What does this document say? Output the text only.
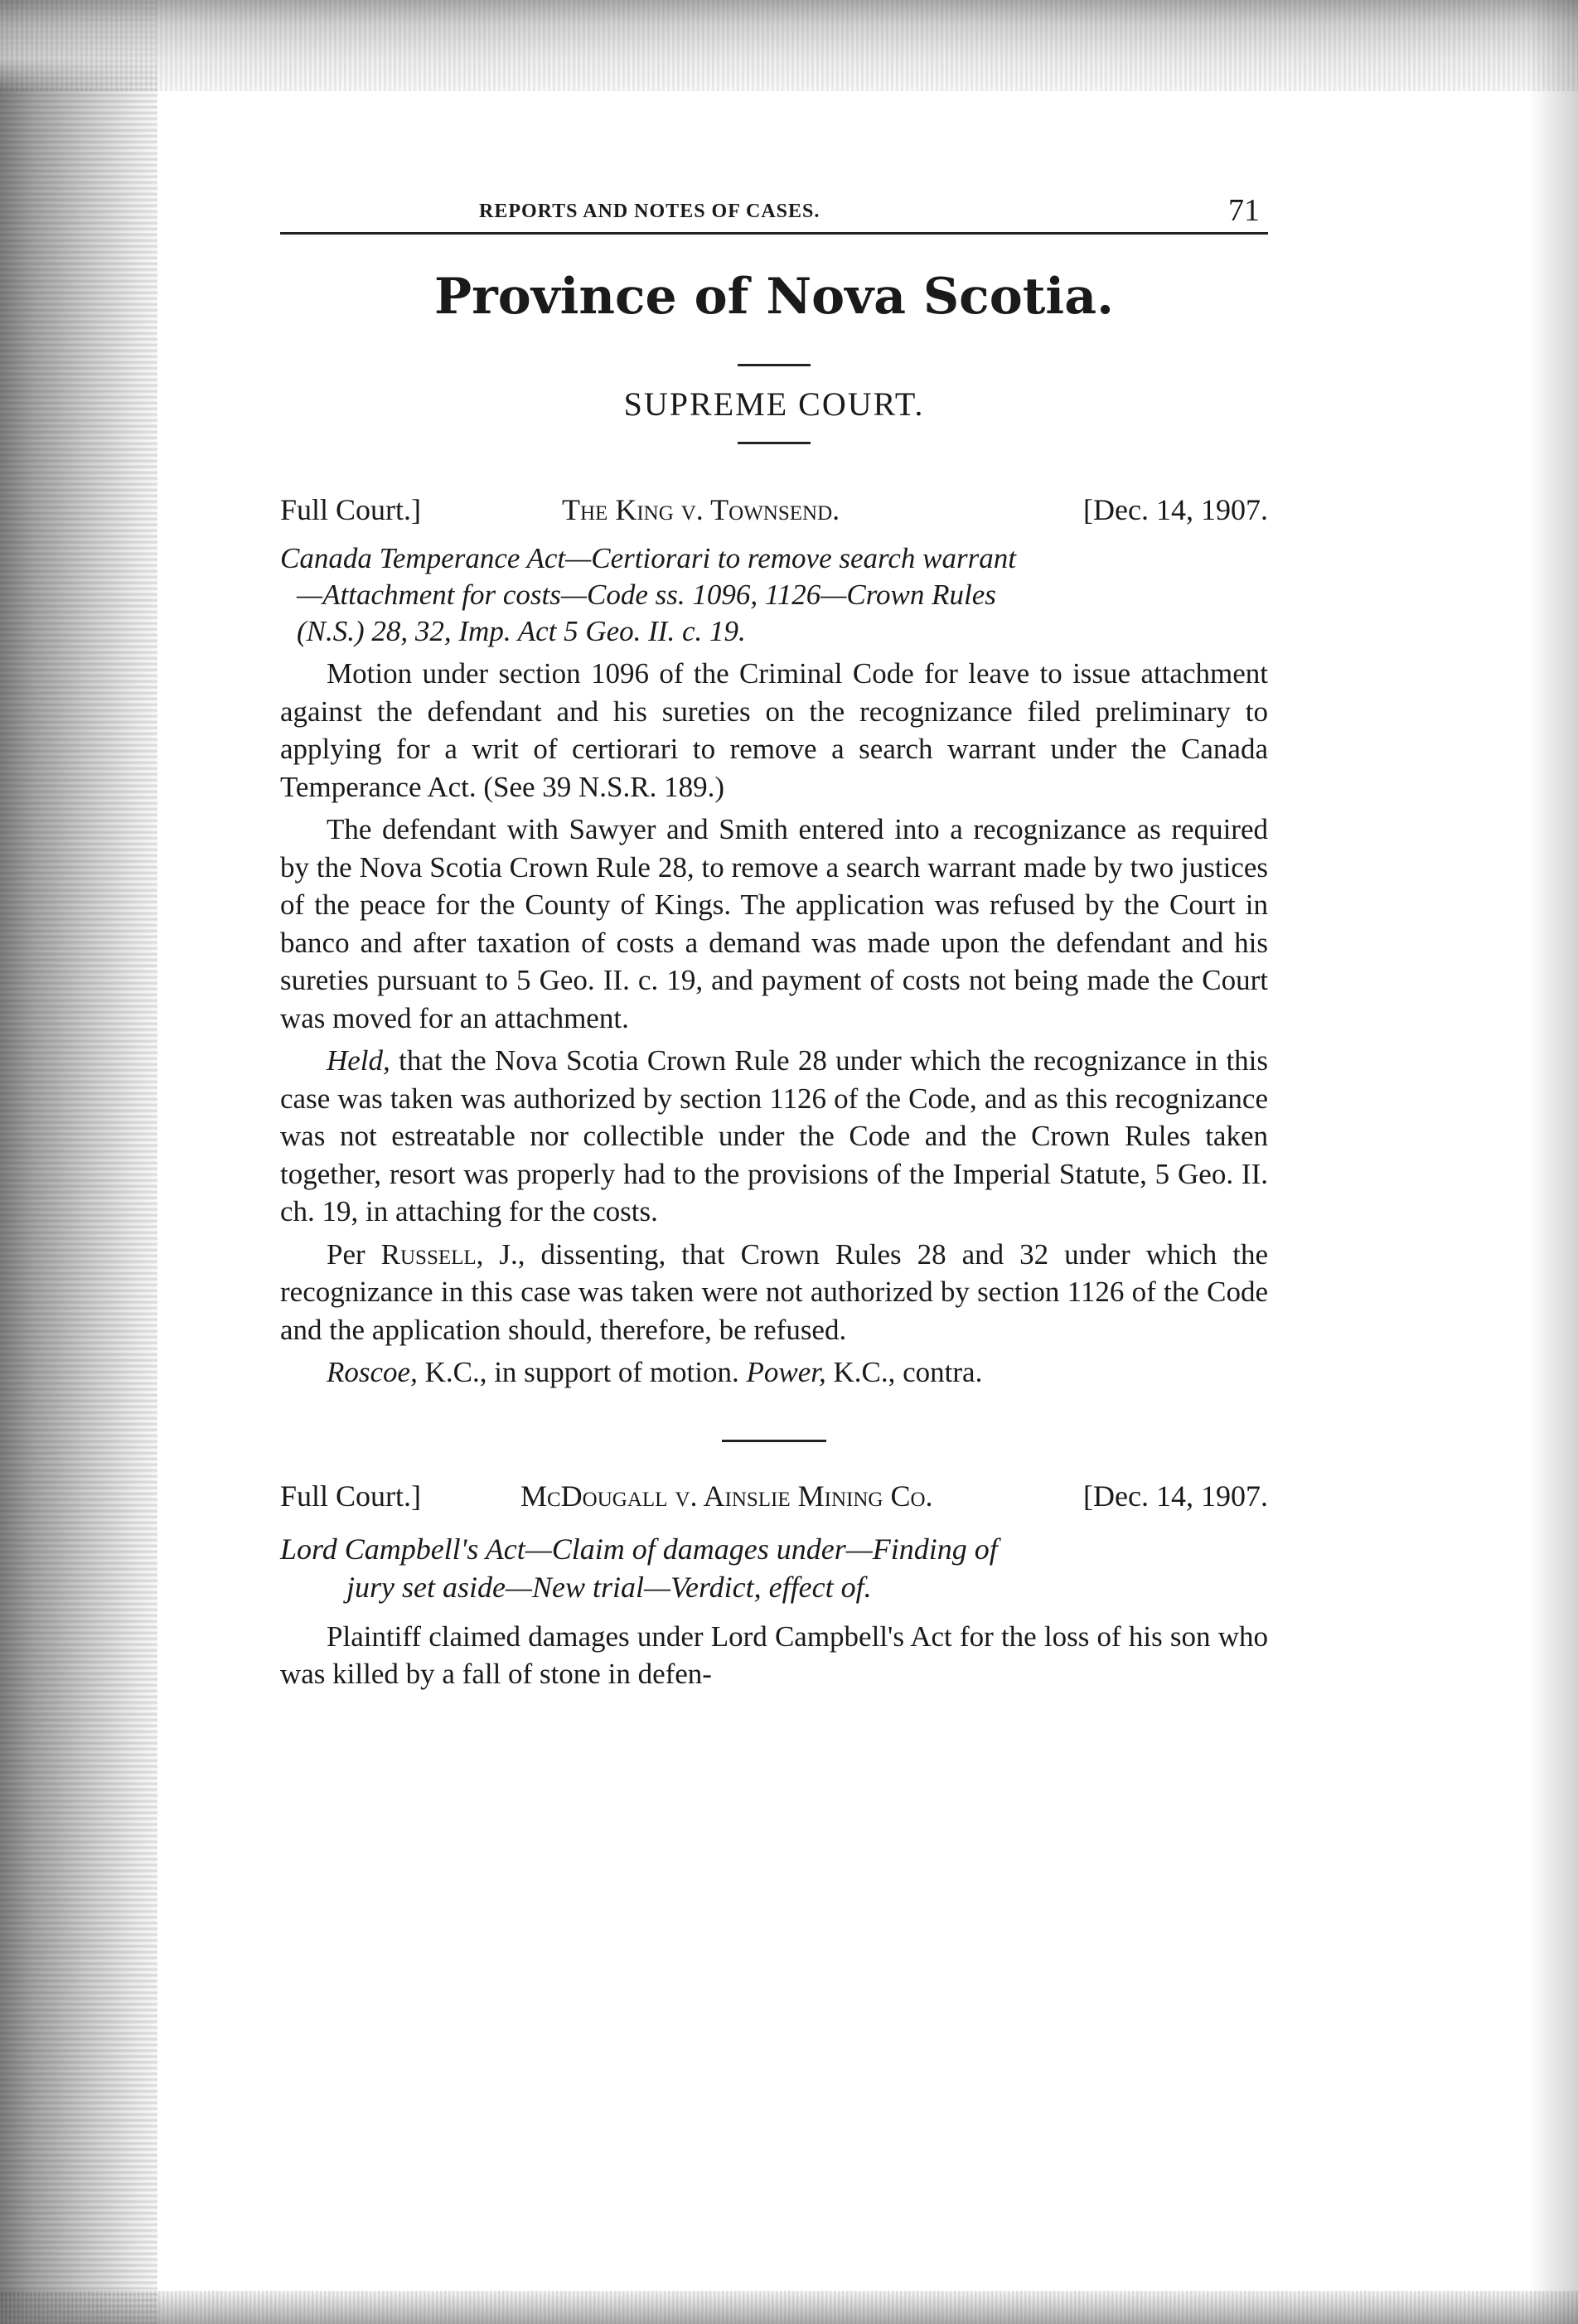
REPORTS AND NOTES OF CASES.	71
Province of Nova Scotia.
SUPREME COURT.
Full Court.]	The King v. Townsend.	[Dec. 14, 1907.
Canada Temperance Act—Certiorari to remove search warrant
—Attachment for costs—Code ss. 1096, 1126—Crown Rules
(N.S.) 28, 32, Imp. Act 5 Geo. II. c. 19.

Motion under section 1096 of the Criminal Code for leave to issue attachment against the defendant and his sureties on the recognizance filed preliminary to applying for a writ of certiorari to remove a search warrant under the Canada Temperance Act. (See 39 N.S.R. 189.)

The defendant with Sawyer and Smith entered into a recognizance as required by the Nova Scotia Crown Rule 28, to remove a search warrant made by two justices of the peace for the County of Kings. The application was refused by the Court in banco and after taxation of costs a demand was made upon the defendant and his sureties pursuant to 5 Geo. II. c. 19, and payment of costs not being made the Court was moved for an attachment.

Held, that the Nova Scotia Crown Rule 28 under which the recognizance in this case was taken was authorized by section 1126 of the Code, and as this recognizance was not estreatable nor collectible under the Code and the Crown Rules taken together, resort was properly had to the provisions of the Imperial Statute, 5 Geo. II. ch. 19, in attaching for the costs.

Per Russell, J., dissenting, that Crown Rules 28 and 32 under which the recognizance in this case was taken were not authorized by section 1126 of the Code and the application should, therefore, be refused.

Roscoe, K.C., in support of motion. Power, K.C., contra.

Full Court.]	McDougall v. Ainslie Mining Co.	[Dec. 14, 1907.
Lord Campbell's Act—Claim of damages under—Finding of
jury set aside—New trial—Verdict, effect of.

Plaintiff claimed damages under Lord Campbell's Act for the loss of his son who was killed by a fall of stone in defen-
